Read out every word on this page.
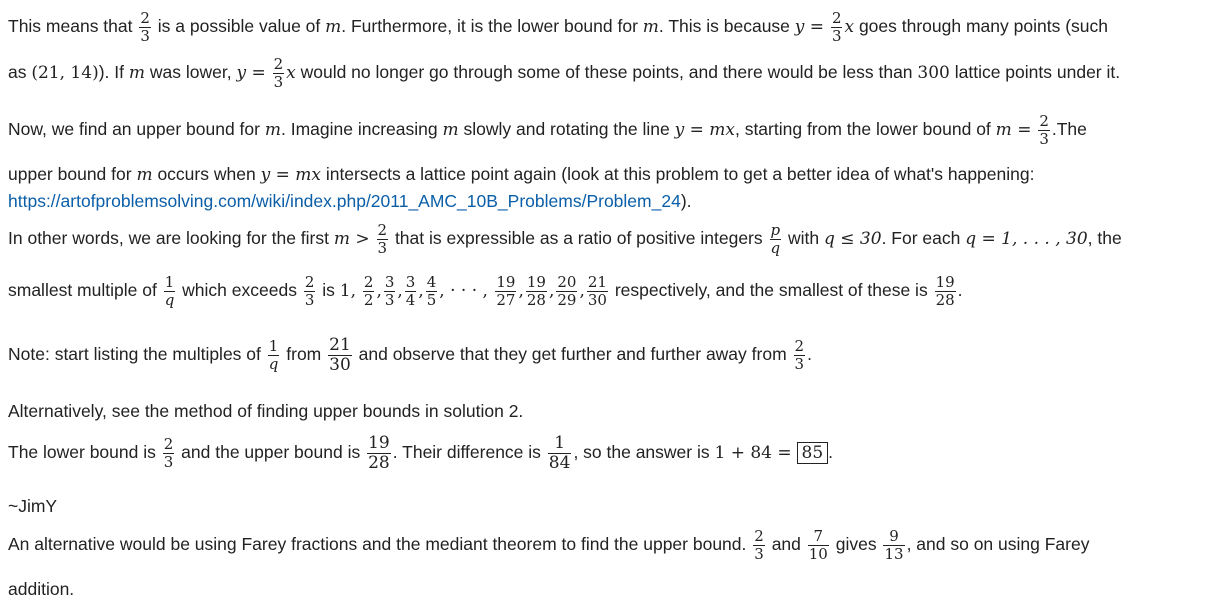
This means that $\frac{2}{3}$ is a possible value of m. Furthermore, it is the lower bound for m. This is because $y = \frac{2}{3}$ x goes through many points (such
as (21, 14)). If m was lower, $y = \frac{2}{3}$ x would no longer go through some of these points, and there would be less than 300 lattice points under it.
Now, we find an upper bound for m. Imagine increasing m slowly and rotating the line y = mx, starting from the lower bound of $m = \frac{2}{3} .The$
upper bound for m occurs when y = mx intersects a lattice point again (look at this problem to get a better idea of what's happening:
https://artofproblemsolving.com/wiki/index.php/2011_AMC_10B_Problems/Problem_24).
In other words, we are looking for the first $m > \frac{2}{3}$ that is expressible as a ratio of positive integers $\frac{p}{q}$ with q ≤ 30. For each q = 1, . . . , 30, the
smallest multiple of $\frac{1}{q}$ which exceeds $\frac{2}{3}$ is 1, $\frac{2}{2}$ , $\frac{3}{3}$ , $\frac{3}{4}$ , $\frac{4}{5}$ , · · · , $\frac{19}{27}$ , $\frac{19}{28}$ , $\frac{20}{29}$ , $\frac{21}{30}$ respectively, and the smallest of these is $\frac{19}{28}$ .
Note: start listing the multiples of $\frac{1}{q}$ from $\frac{21}{30}$ and observe that they get further and further away from $\frac{2}{3}$ .
Alternatively, see the method of finding upper bounds in solution 2.
The lower bound is $\frac{2}{3}$ and the upper bound is $\frac{19}{28}$ . Their difference is $\frac{1}{84}$ , so the answer is 1 + 84 = 85 .
~JimY
An alternative would be using Farey fractions and the mediant theorem to find the upper bound. $\frac{2}{3}$ and $\frac{7}{10}$ gives $\frac{9}{13}$ , and so on using Farey
addition.
